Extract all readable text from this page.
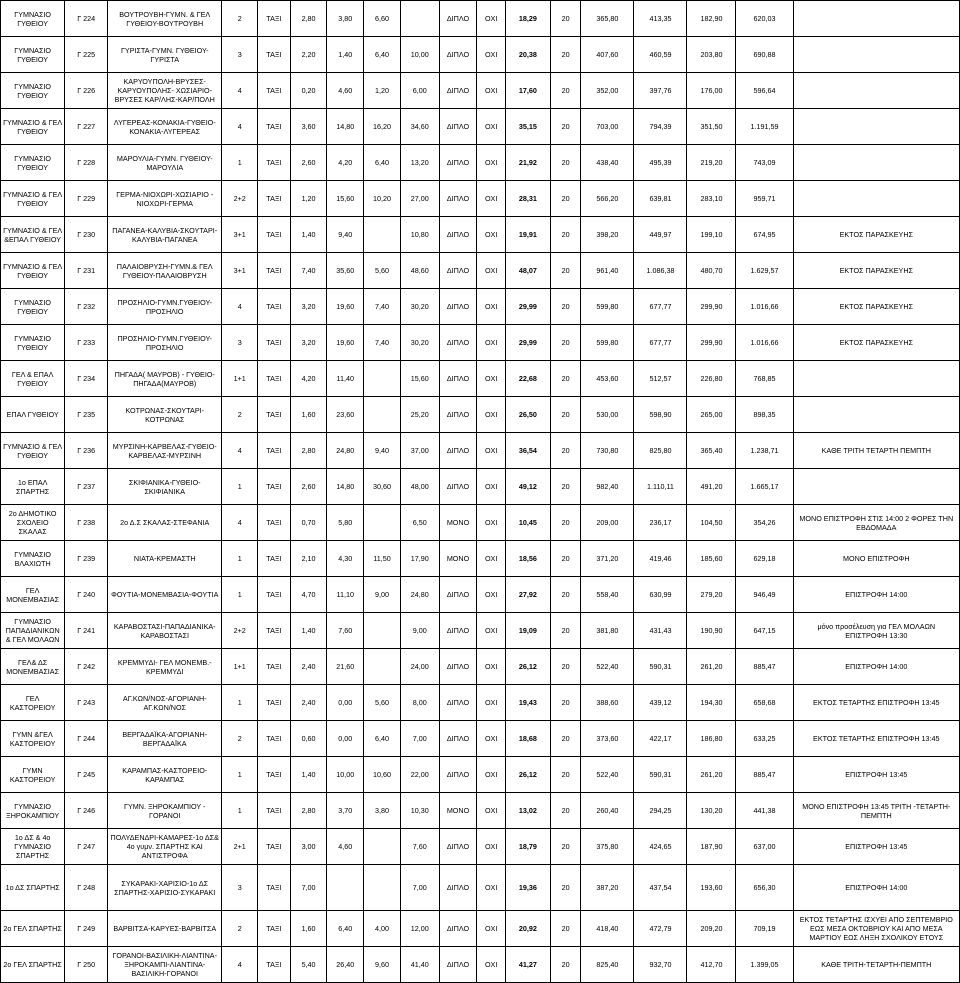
ΓΥΜΝΑΣΙΟ ΓΥΘΕΙΟΥ	Γ 224	ΒΟΥΤΡΟΥΒΗ-ΓΥΜΝ. & ΓΕΛ ΓΥΘΕΙΟΥ-ΒΟΥΤΡΟΥΒΗ	2	ΤΑΞΙ	2,80	3,80	6,60		ΔΙΠΛΟ	ΟΧΙ	18,29	20	365,80	413,35	182,90	620,03	
ΓΥΜΝΑΣΙΟ ΓΥΘΕΙΟΥ	Γ 225	ΓΥΡΙΣΤΑ-ΓΥΜΝ. ΓΥΘΕΙΟΥ-ΓΥΡΙΣΤΑ	3	ΤΑΞΙ	2,20	1,40	6,40	10,00	ΔΙΠΛΟ	ΟΧΙ	20,38	20	407,60	460,59	203,80	690,88	
ΓΥΜΝΑΣΙΟ ΓΥΘΕΙΟΥ	Γ 226	ΚΑΡΥΟΥΠΟΛΗ-ΒΡΥΣΕΣ-ΚΑΡΥΟΥΠΟΛΗΣ- ΧΩΣΙΑΡΙΟ-ΒΡΥΣΕΣ ΚΑΡ/ΛΗΣ-ΚΑΡ/ΠΟΛΗ	4	ΤΑΞΙ	0,20	4,60	1,20	6,00	ΔΙΠΛΟ	ΟΧΙ	17,60	20	352,00	397,76	176,00	596,64	
ΓΥΜΝΑΣΙΟ & ΓΕΛ ΓΥΘΕΙΟΥ	Γ 227	ΛΥΓΕΡΕΑΣ-ΚΟΝΑΚΙΑ-ΓΥΘΕΙΟ-ΚΟΝΑΚΙΑ-ΛΥΓΕΡΕΑΣ	4	ΤΑΞΙ	3,60	14,80	16,20	34,60	ΔΙΠΛΟ	ΟΧΙ	35,15	20	703,00	794,39	351,50	1.191,59	
ΓΥΜΝΑΣΙΟ ΓΥΘΕΙΟΥ	Γ 228	ΜΑΡΟΥΛΙΑ-ΓΥΜΝ. ΓΥΘΕΙΟΥ-ΜΑΡΟΥΛΙΑ	1	ΤΑΞΙ	2,60	4,20	6,40	13,20	ΔΙΠΛΟ	ΟΧΙ	21,92	20	438,40	495,39	219,20	743,09	
ΓΥΜΝΑΣΙΟ & ΓΕΛ ΓΥΘΕΙΟΥ	Γ 229	ΓΕΡΜΑ-ΝΙΟΧΩΡΙ-ΧΩΣΙΑΡΙΟ - ΝΙΟΧΩΡΙ-ΓΕΡΜΑ	2+2	ΤΑΞΙ	1,20	15,60	10,20	27,00	ΔΙΠΛΟ	ΟΧΙ	28,31	20	566,20	639,81	283,10	959,71	
ΓΥΜΝΑΣΙΟ & ΓΕΛ &ΕΠΑΛ ΓΥΘΕΙΟΥ	Γ 230	ΠΑΓΑΝΕΑ-ΚΑΛΥΒΙΑ-ΣΚΟΥΤΑΡΙ-ΚΑΛΥΒΙΑ-ΠΑΓΑΝΕΑ	3+1	ΤΑΞΙ	1,40	9,40		10,80	ΔΙΠΛΟ	ΟΧΙ	19,91	20	398,20	449,97	199,10	674,95	ΕΚΤΟΣ ΠΑΡΑΣΚΕΥΗΣ
ΓΥΜΝΑΣΙΟ & ΓΕΛ ΓΥΘΕΙΟΥ	Γ 231	ΠΑΛΑΙΟΒΡΥΣΗ-ΓΥΜΝ.& ΓΕΛ ΓΥΘΕΙΟΥ-ΠΑΛΑΙΟΒΡΥΣΗ	3+1	ΤΑΞΙ	7,40	35,60	5,60	48,60	ΔΙΠΛΟ	ΟΧΙ	48,07	20	961,40	1.086,38	480,70	1.629,57	ΕΚΤΟΣ ΠΑΡΑΣΚΕΥΗΣ
ΓΥΜΝΑΣΙΟ ΓΥΘΕΙΟΥ	Γ 232	ΠΡΟΣΗΛΙΟ-ΓΥΜΝ.ΓΥΘΕΙΟΥ-ΠΡΟΣΗΛΙΟ	4	ΤΑΞΙ	3,20	19,60	7,40	30,20	ΔΙΠΛΟ	ΟΧΙ	29,99	20	599,80	677,77	299,90	1.016,66	ΕΚΤΟΣ ΠΑΡΑΣΚΕΥΗΣ
ΓΥΜΝΑΣΙΟ ΓΥΘΕΙΟΥ	Γ 233	ΠΡΟΣΗΛΙΟ-ΓΥΜΝ.ΓΥΘΕΙΟΥ-ΠΡΟΣΗΛΙΟ	3	ΤΑΞΙ	3,20	19,60	7,40	30,20	ΔΙΠΛΟ	ΟΧΙ	29,99	20	599,80	677,77	299,90	1.016,66	ΕΚΤΟΣ ΠΑΡΑΣΚΕΥΗΣ
ΓΕΛ & ΕΠΑΛ ΓΥΘΕΙΟΥ	Γ 234	ΠΗΓΑΔΑ( ΜΑΥΡΟΒ) - ΓΥΘΕΙΟ-ΠΗΓΑΔΑ(ΜΑΥΡΟΒ)	1+1	ΤΑΞΙ	4,20	11,40		15,60	ΔΙΠΛΟ	ΟΧΙ	22,68	20	453,60	512,57	226,80	768,85	
ΕΠΑΛ ΓΥΘΕΙΟΥ	Γ 235	ΚΟΤΡΩΝΑΣ-ΣΚΟΥΤΑΡΙ-ΚΟΤΡΩΝΑΣ	2	ΤΑΞΙ	1,60	23,60		25,20	ΔΙΠΛΟ	ΟΧΙ	26,50	20	530,00	598,90	265,00	898,35	
ΓΥΜΝΑΣΙΟ & ΓΕΛ ΓΥΘΕΙΟΥ	Γ 236	ΜΥΡΣΙΝΗ-ΚΑΡΒΕΛΑΣ-ΓΥΘΕΙΟ-ΚΑΡΒΕΛΑΣ-ΜΥΡΣΙΝΗ	4	ΤΑΞΙ	2,80	24,80	9,40	37,00	ΔΙΠΛΟ	ΟΧΙ	36,54	20	730,80	825,80	365,40	1.238,71	ΚΑΘΕ ΤΡΙΤΗ ΤΕΤΑΡΤΗ ΠΕΜΠΤΗ
1ο ΕΠΑΛ ΣΠΑΡΤΗΣ	Γ 237	ΣΚΙΦΙΑΝΙΚΑ-ΓΥΘΕΙΟ-ΣΚΙΦΙΑΝΙΚΑ	1	ΤΑΞΙ	2,60	14,80	30,60	48,00	ΔΙΠΛΟ	ΟΧΙ	49,12	20	982,40	1.110,11	491,20	1.665,17	
2ο ΔΗΜΟΤΙΚΟ ΣΧΟΛΕΙΟ ΣΚΑΛΑΣ	Γ 238	2ο Δ.Σ ΣΚΑΛΑΣ-ΣΤΕΦΑΝΙΑ	4	ΤΑΞΙ	0,70	5,80		6,50	ΜΟΝΟ	ΟΧΙ	10,45	20	209,00	236,17	104,50	354,26	ΜΟΝΟ ΕΠΙΣΤΡΟΦΗ ΣΤΙΣ 14:00 2 ΦΟΡΕΣ ΤΗΝ ΕΒΔΟΜΑΔΑ
ΓΥΜΝΑΣΙΟ ΒΛΑΧΙΩΤΗ	Γ 239	ΝΙΑΤΑ-ΚΡΕΜΑΣΤΗ	1	ΤΑΞΙ	2,10	4,30	11,50	17,90	ΜΟΝΟ	ΟΧΙ	18,56	20	371,20	419,46	185,60	629,18	ΜΟΝΟ ΕΠΙΣΤΡΟΦΗ
ΓΕΛ ΜΟΝΕΜΒΑΣΙΑΣ	Γ 240	ΦΟΥΤΙΑ-ΜΟΝΕΜΒΑΣΙΑ-ΦΟΥΤΙΑ	1	ΤΑΞΙ	4,70	11,10	9,00	24,80	ΔΙΠΛΟ	ΟΧΙ	27,92	20	558,40	630,99	279,20	946,49	ΕΠΙΣΤΡΟΦΗ 14:00
ΓΥΜΝΑΣΙΟ ΠΑΠΑΔΙΑΝΙΚΩΝ & ΓΕΛ ΜΟΛΑΩΝ	Γ 241	ΚΑΡΑΒΟΣΤΑΣΙ-ΠΑΠΑΔΙΑΝΙΚΑ-ΚΑΡΑΒΟΣΤΑΣΙ	2+2	ΤΑΞΙ	1,40	7,60		9,00	ΔΙΠΛΟ	ΟΧΙ	19,09	20	381,80	431,43	190,90	647,15	μόνο προσέλευση για ΓΕΛ ΜΟΛΑΩΝ ΕΠΙΣΤΡΟΦΗ 13:30
ΓΕΛ& ΔΣ ΜΟΝΕΜΒΑΣΙΑΣ	Γ 242	ΚΡΕΜΜΥΔΙ- ΓΕΛ ΜΟΝΕΜΒ.-ΚΡΕΜΜΥΔΙ	1+1	ΤΑΞΙ	2,40	21,60		24,00	ΔΙΠΛΟ	ΟΧΙ	26,12	20	522,40	590,31	261,20	885,47	ΕΠΙΣΤΡΟΦΗ 14:00
ΓΕΛ ΚΑΣΤΟΡΕΙΟΥ	Γ 243	ΑΓ.ΚΩΝ/ΝΟΣ-ΑΓΟΡΙΑΝΗ-ΑΓ.ΚΩΝ/ΝΟΣ	1	ΤΑΞΙ	2,40	0,00	5,60	8,00	ΔΙΠΛΟ	ΟΧΙ	19,43	20	388,60	439,12	194,30	658,68	ΕΚΤΟΣ ΤΕΤΑΡΤΗΣ ΕΠΙΣΤΡΟΦΗ 13:45
ΓΥΜΝ &ΓΕΛ ΚΑΣΤΟΡΕΙΟΥ	Γ 244	ΒΕΡΓΑΔΑΪΚΑ-ΑΓΟΡΙΑΝΗ-ΒΕΡΓΑΔΑΪΚΑ	2	ΤΑΞΙ	0,60	0,00	6,40	7,00	ΔΙΠΛΟ	ΟΧΙ	18,68	20	373,60	422,17	186,80	633,25	ΕΚΤΟΣ ΤΕΤΑΡΤΗΣ ΕΠΙΣΤΡΟΦΗ 13:45
ΓΥΜΝ ΚΑΣΤΟΡΕΙΟΥ	Γ 245	ΚΑΡΑΜΠΑΣ-ΚΑΣΤΟΡΕΙΟ-ΚΑΡΑΜΠΑΣ	1	ΤΑΞΙ	1,40	10,00	10,60	22,00	ΔΙΠΛΟ	ΟΧΙ	26,12	20	522,40	590,31	261,20	885,47	ΕΠΙΣΤΡΟΦΗ 13:45
ΓΥΜΝΑΣΙΟ ΞΗΡΟΚΑΜΠΙΟΥ	Γ 246	ΓΥΜΝ. ΞΗΡΟΚΑΜΠΙΟΥ - ΓΟΡΑΝΟΙ	1	ΤΑΞΙ	2,80	3,70	3,80	10,30	ΜΟΝΟ	ΟΧΙ	13,02	20	260,40	294,25	130,20	441,38	ΜΟΝΟ ΕΠΙΣΤΡΟΦΗ 13:45 ΤΡΙΤΗ -ΤΕΤΑΡΤΗ-ΠΕΜΠΤΗ
1ο ΔΣ & 4ο ΓΥΜΝΑΣΙΟ ΣΠΑΡΤΗΣ	Γ 247	ΠΟΛΥΔΕΝΔΡΙ-ΚΑΜΑΡΕΣ-1ο ΔΣ& 4ο γυμν. ΣΠΑΡΤΗΣ ΚΑΙ ΑΝΤΙΣΤΡΟΦΑ	2+1	ΤΑΞΙ	3,00	4,60		7,60	ΔΙΠΛΟ	ΟΧΙ	18,79	20	375,80	424,65	187,90	637,00	ΕΠΙΣΤΡΟΦΗ 13:45
1ο ΔΣ ΣΠΑΡΤΗΣ	Γ 248	ΣΥΚΑΡΑΚΙ-ΧΑΡΙΣΙΟ-1ο ΔΣ ΣΠΑΡΤΗΣ-ΧΑΡΙΣΙΟ-ΣΥΚΑΡΑΚΙ	3	ΤΑΞΙ	7,00			7,00	ΔΙΠΛΟ	ΟΧΙ	19,36	20	387,20	437,54	193,60	656,30	ΕΠΙΣΤΡΟΦΗ 14:00
2ο ΓΕΛ ΣΠΑΡΤΗΣ	Γ 249	ΒΑΡΒΙΤΣΑ-ΚΑΡΥΕΣ-ΒΑΡΒΙΤΣΑ	2	ΤΑΞΙ	1,60	6,40	4,00	12,00	ΔΙΠΛΟ	ΟΧΙ	20,92	20	418,40	472,79	209,20	709,19	ΕΚΤΟΣ ΤΕΤΑΡΤΗΣ ΙΣΧΥΕΙ ΑΠΟ ΣΕΠΤΕΜΒΡΙΟ ΕΩΣ ΜΕΣΑ ΟΚΤΩΒΡΙΟΥ ΚΑΙ ΑΠΟ ΜΕΣΑ ΜΑΡΤΙΟΥ ΕΩΣ ΛΗΞΗ ΣΧΟΛΙΚΟΥ ΕΤΟΥΣ
2ο ΓΕΛ ΣΠΑΡΤΗΣ	Γ 250	ΓΟΡΑΝΟΙ-ΒΑΣΙΛΙΚΗ-ΛΙΑΝΤΙΝΑ-ΞΗΡΟΚΑΜΠΙ-ΛΙΑΝΤΙΝΑ-ΒΑΣΙΛΙΚΗ-ΓΟΡΑΝΟΙ	4	ΤΑΞΙ	5,40	26,40	9,60	41,40	ΔΙΠΛΟ	ΟΧΙ	41,27	20	825,40	932,70	412,70	1.399,05	ΚΑΘΕ ΤΡΙΤΗ-ΤΕΤΑΡΤΗ-ΠΕΜΠΤΗ
